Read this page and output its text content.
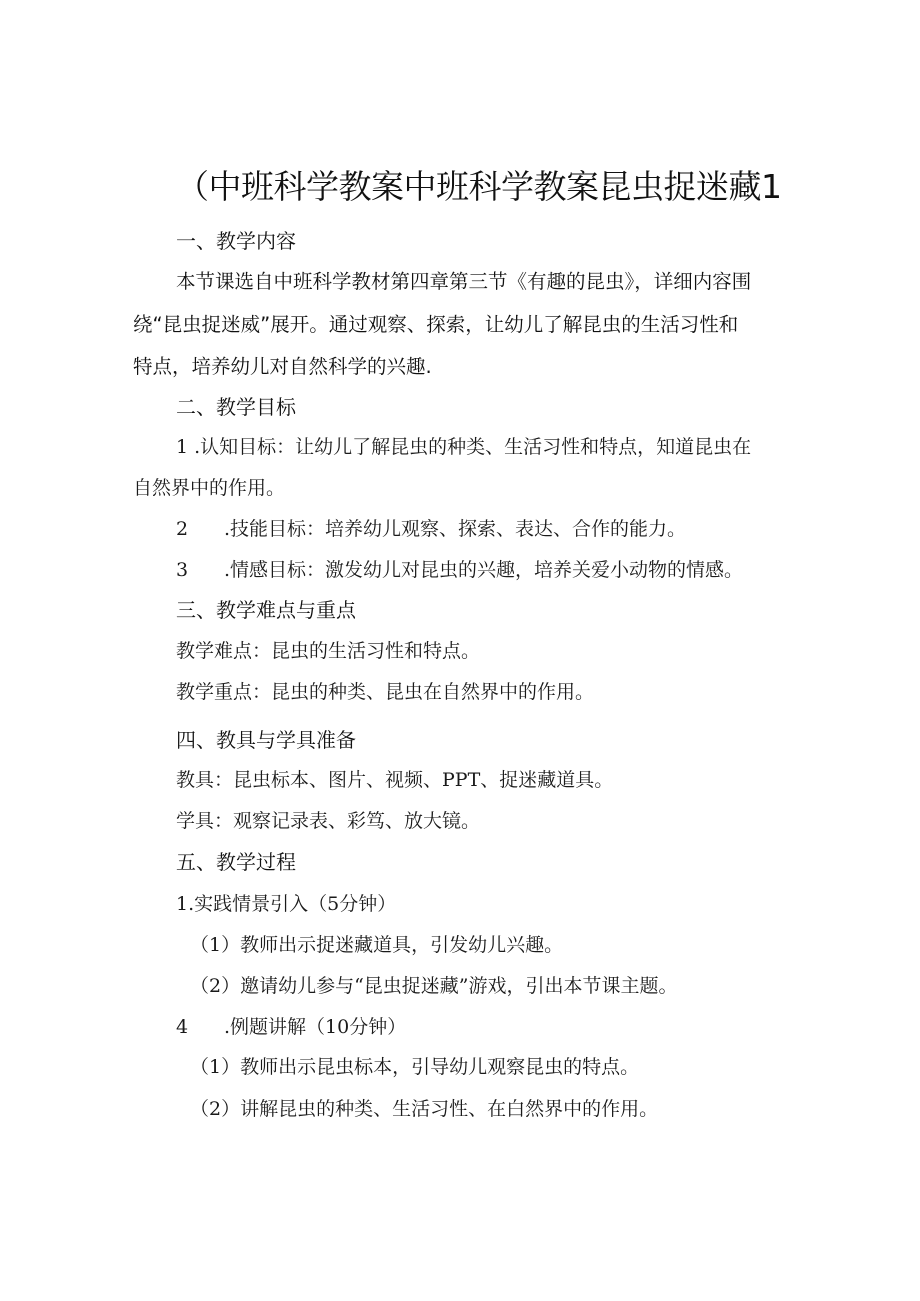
（中班科学教案中班科学教案昆虫捉迷藏1
一、教学内容
本节课选自中班科学教材第四章第三节《有趣的昆虫》，详细内容围
绕“昆虫捉迷威”展开。通过观察、探索，让幼儿了解昆虫的生活习性和
特点，培养幼儿对自然科学的兴趣.
二、教学目标
1 .认知目标：让幼儿了解昆虫的种类、生活习性和特点，知道昆虫在
自然界中的作用。
2 .技能目标：培养幼儿观察、探索、表达、合作的能力。
3 .情感目标：激发幼儿对昆虫的兴趣，培养关爱小动物的情感。
三、教学难点与重点
教学难点：昆虫的生活习性和特点。
教学重点：昆虫的种类、昆虫在自然界中的作用。
四、教具与学具准备
教具：昆虫标本、图片、视频、PPT、捉迷藏道具。
学具：观察记录表、彩笃、放大镜。
五、教学过程
1.实践情景引入（5分钟）
（1）教师出示捉迷藏道具，引发幼儿兴趣。
（2）邀请幼儿参与“昆虫捉迷藏”游戏，引出本节课主题。
4 .例题讲解（10分钟）
（1）教师出示昆虫标本，引导幼儿观察昆虫的特点。
（2）讲解昆虫的种类、生活习性、在白然界中的作用。
